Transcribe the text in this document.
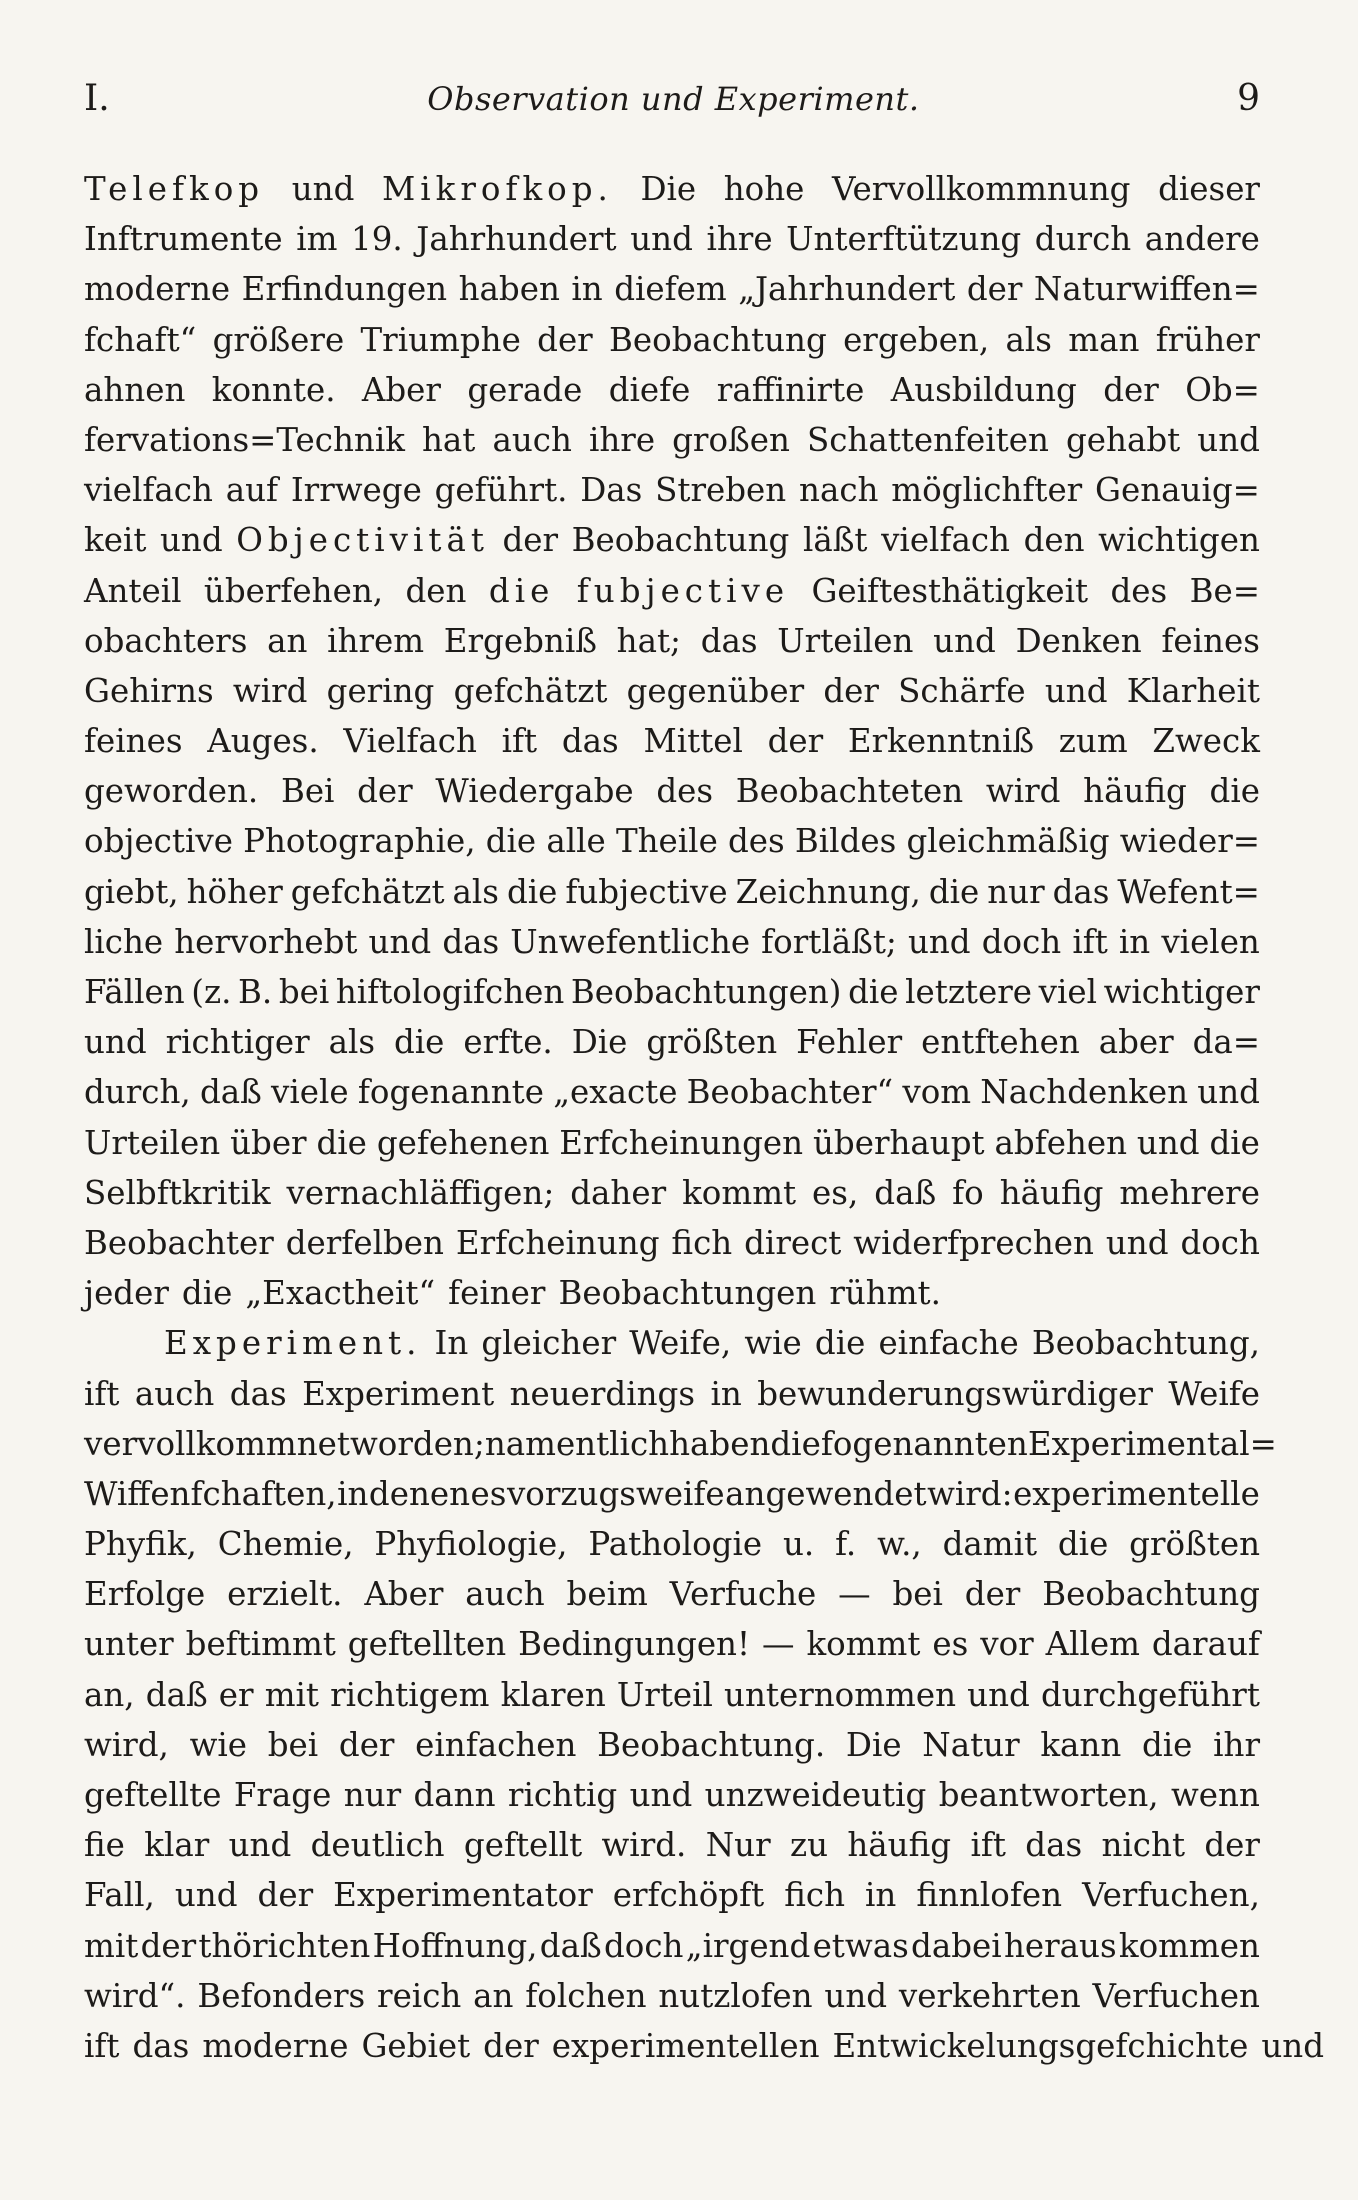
I.	Observation und Experiment.	9
Telefkop und Mikrofkop. Die hohe Vervollkommnung dieser
Inftrumente im 19. Jahrhundert und ihre Unterftützung durch andere
moderne Erfindungen haben in diefem „Jahrhundert der Naturwiffen=
fchaft“ größere Triumphe der Beobachtung ergeben, als man früher
ahnen konnte. Aber gerade diefe raffinirte Ausbildung der Ob=
fervations=Technik hat auch ihre großen Schattenfeiten gehabt und
vielfach auf Irrwege geführt. Das Streben nach möglichfter Genauig=
keit und Objectivität der Beobachtung läßt vielfach den wichtigen
Anteil überfehen, den die fubjective Geiftesthätigkeit des Be=
obachters an ihrem Ergebniß hat; das Urteilen und Denken feines
Gehirns wird gering gefchätzt gegenüber der Schärfe und Klarheit
feines Auges. Vielfach ift das Mittel der Erkenntniß zum Zweck
geworden. Bei der Wiedergabe des Beobachteten wird häufig die
objective Photographie, die alle Theile des Bildes gleichmäßig wieder=
giebt, höher gefchätzt als die fubjective Zeichnung, die nur das Wefent=
liche hervorhebt und das Unwefentliche fortläßt; und doch ift in vielen
Fällen (z. B. bei hiftologifchen Beobachtungen) die letztere viel wichtiger
und richtiger als die erfte. Die größten Fehler entftehen aber da=
durch, daß viele fogenannte „exacte Beobachter“ vom Nachdenken und
Urteilen über die gefehenen Erfcheinungen überhaupt abfehen und die
Selbftkritik vernachläffigen; daher kommt es, daß fo häufig mehrere
Beobachter derfelben Erfcheinung fich direct widerfprechen und doch
jeder die „Exactheit“ feiner Beobachtungen rühmt.
Experiment. In gleicher Weife, wie die einfache Beobachtung,
ift auch das Experiment neuerdings in bewunderungswürdiger Weife
vervollkommnet worden; namentlich haben die fogenannten Experimental=
Wiffenfchaften, in denen es vorzugsweife angewendet wird: experimentelle
Phyfik, Chemie, Phyfiologie, Pathologie u. f. w., damit die größten
Erfolge erzielt. Aber auch beim Verfuche — bei der Beobachtung
unter beftimmt geftellten Bedingungen! — kommt es vor Allem darauf
an, daß er mit richtigem klaren Urteil unternommen und durchgeführt
wird, wie bei der einfachen Beobachtung. Die Natur kann die ihr
geftellte Frage nur dann richtig und unzweideutig beantworten, wenn
fie klar und deutlich geftellt wird. Nur zu häufig ift das nicht der
Fall, und der Experimentator erfchöpft fich in finnlofen Verfuchen,
mit der thörichten Hoffnung, daß doch „irgend etwas dabei heraus kommen
wird“. Befonders reich an folchen nutzlofen und verkehrten Verfuchen
ift das moderne Gebiet der experimentellen Entwickelungsgefchichte und
